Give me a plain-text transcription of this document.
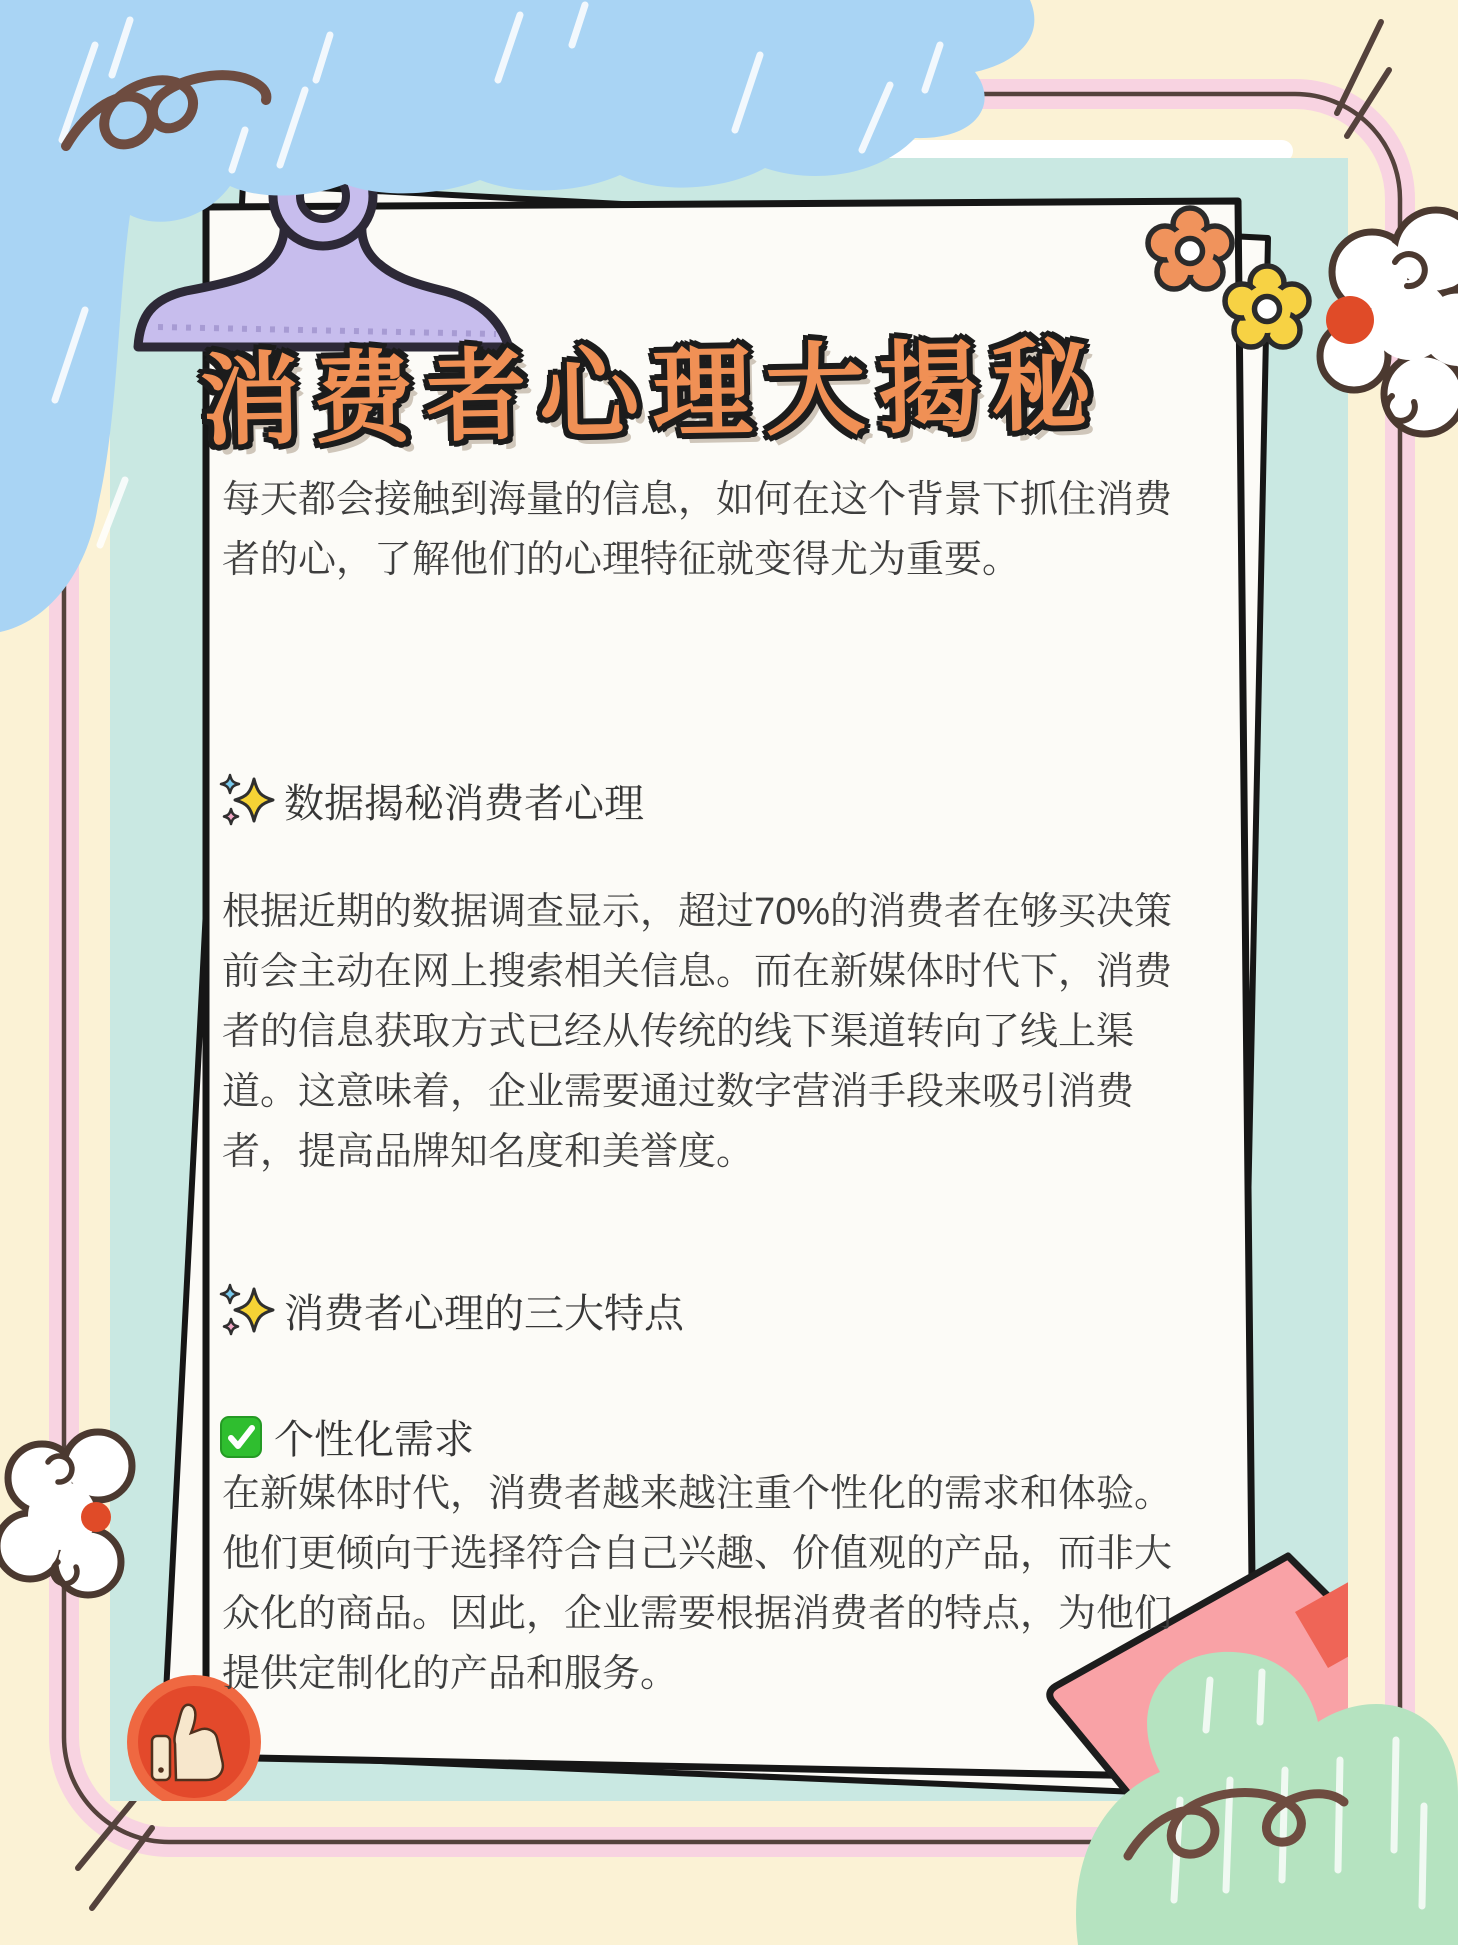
消费者心理大揭秘
每天都会接触到海量的信息，如何在这个背景下抓住消费
者的心，了解他们的心理特征就变得尤为重要。
数据揭秘消费者心理
根据近期的数据调查显示，超过70%的消费者在够买决策
前会主动在网上搜索相关信息。而在新媒体时代下，消费
者的信息获取方式已经从传统的线下渠道转向了线上渠
道。这意味着，企业需要通过数字营消手段来吸引消费
者，提高品牌知名度和美誉度。
消费者心理的三大特点
个性化需求
在新媒体时代，消费者越来越注重个性化的需求和体验。
他们更倾向于选择符合自己兴趣、价值观的产品，而非大
众化的商品。因此，企业需要根据消费者的特点，为他们
提供定制化的产品和服务。
